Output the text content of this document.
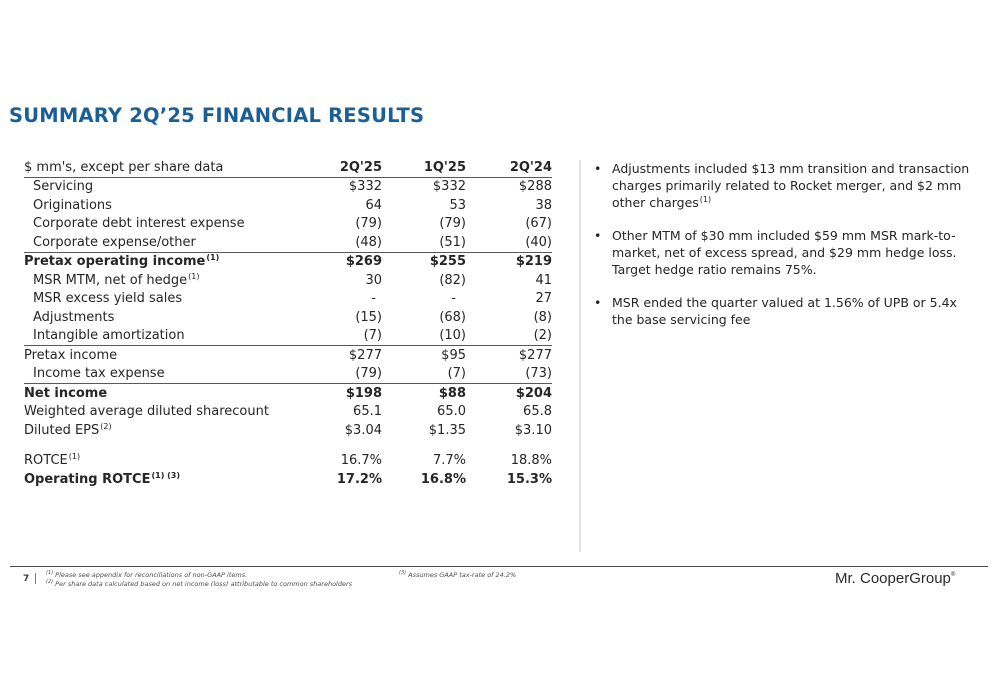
SUMMARY 2Q’25 FINANCIAL RESULTS
$ mm's, except per share data	2Q'25	1Q'25	2Q'24
Servicing	$332	$332	$288
Originations	64	53	38
Corporate debt interest expense	(79)	(79)	(67)
Corporate expense/other	(48)	(51)	(40)
Pretax operating income$^{(1)}$	$269	$255	$219
MSR MTM, net of hedge$^{(1)}$	30	(82)	41
MSR excess yield sales	-	-	27
Adjustments	(15)	(68)	(8)
Intangible amortization	(7)	(10)	(2)
Pretax income	$277	$95	$277
Income tax expense	(79)	(7)	(73)
Net income	$198	$88	$204
Weighted average diluted sharecount	65.1	65.0	65.8
Diluted EPS$^{(2)}$	$3.04	$1.35	$3.10
ROTCE$^{(1)}$	16.7%	7.7%	18.8%
Operating $ROTCE^{(1) (3)}$	17.2%	16.8%	15.3%
• Adjustments included $13 mm transition and transaction charges primarily related to Rocket merger, and $2 mm other charges$^{(1)}$
• Other MTM of $30 mm included $59 mm MSR mark-to-market, net of excess spread, and $29 mm hedge loss. Target hedge ratio remains 75%.
• MSR ended the quarter valued at 1.56% of UPB or 5.4x the base servicing fee
7
$^{(1)}$ Please see appendix for reconciliations of non-GAAP items.
$^{(2)}$ Per share data calculated based on net income (loss) attributable to common shareholders
$^{(3)}$ Assumes GAAP tax-rate of 24.2%	Mr. CooperGroup®
